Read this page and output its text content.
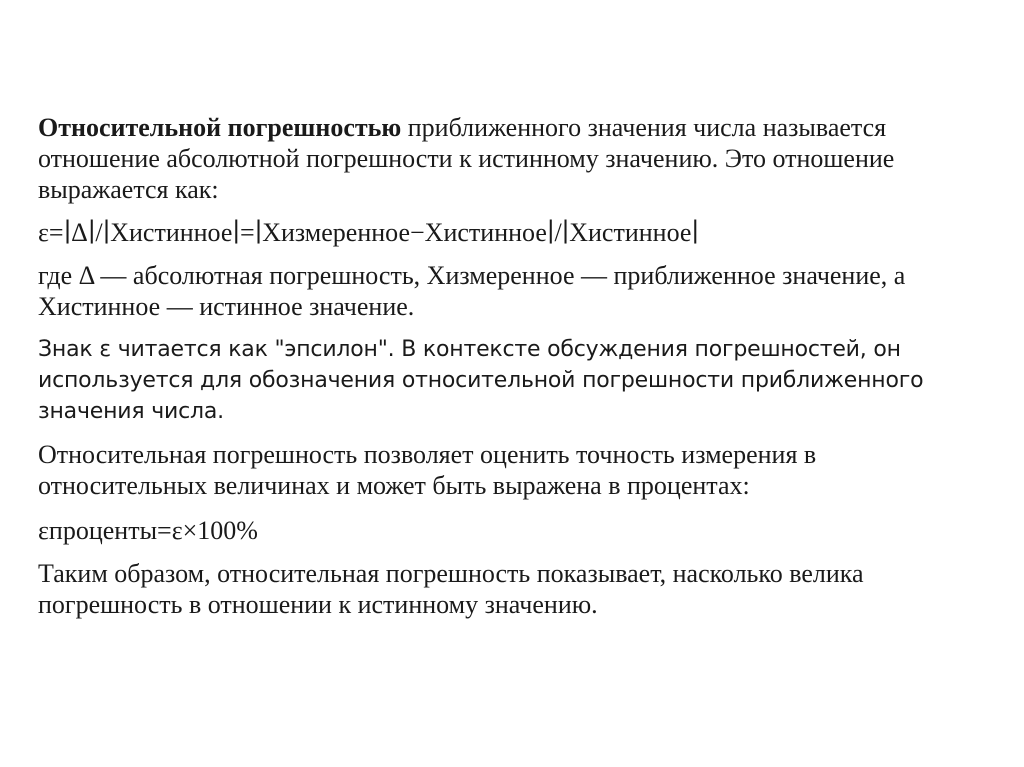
Относительной погрешностью приближенного значения числа называется отношение абсолютной погрешности к истинному значению. Это отношение выражается как:

ε=∣Δ∣/∣Xистинное∣=∣Xизмеренное−Xистинное∣/∣Xистинное∣

где Δ — абсолютная погрешность, Xизмеренное — приближенное значение, а Xистинное — истинное значение.

Знак ε читается как "эпсилон". В контексте обсуждения погрешностей, он используется для обозначения относительной погрешности приближенного значения числа.

Относительная погрешность позволяет оценить точность измерения в относительных величинах и может быть выражена в процентах:

εпроценты=ε×100%

Таким образом, относительная погрешность показывает, насколько велика погрешность в отношении к истинному значению.
